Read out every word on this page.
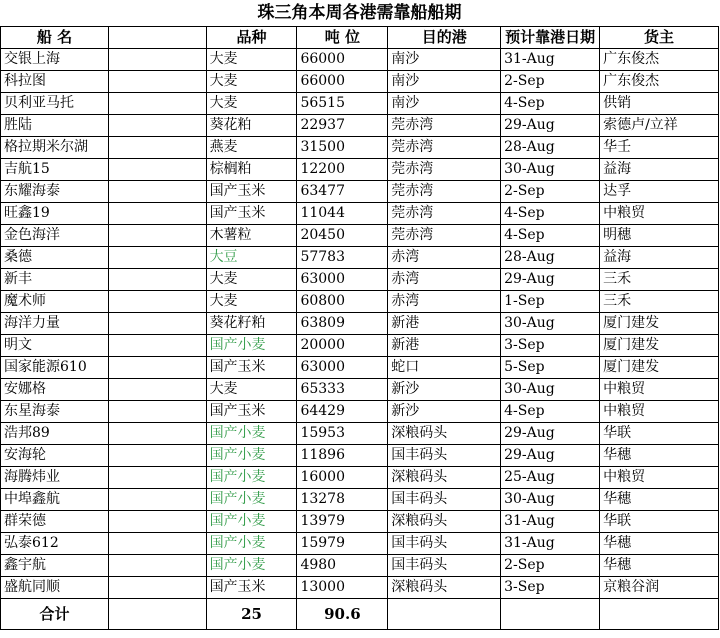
珠三角本周各港需靠船船期
船 名		品种	吨 位	目的港	预计靠港日期	货主
交银上海		大麦	66000	南沙	31-Aug	广东俊杰
科拉图		大麦	66000	南沙	2-Sep	广东俊杰
贝利亚马托		大麦	56515	南沙	4-Sep	供销
胜陆		葵花粕	22937	莞赤湾	29-Aug	索德卢/立祥
格拉期米尔湖		燕麦	31500	莞赤湾	28-Aug	华壬
吉航15		棕榈粕	12200	莞赤湾	30-Aug	益海
东耀海泰		国产玉米	63477	莞赤湾	2-Sep	达孚
旺鑫19		国产玉米	11044	莞赤湾	4-Sep	中粮贸
金色海洋		木薯粒	20450	莞赤湾	4-Sep	明穗
桑德		大豆	57783	赤湾	28-Aug	益海
新丰		大麦	63000	赤湾	29-Aug	三禾
魔术师		大麦	60800	赤湾	1-Sep	三禾
海洋力量		葵花籽粕	63809	新港	30-Aug	厦门建发
明文		国产小麦	20000	新港	3-Sep	厦门建发
国家能源610		国产玉米	63000	蛇口	5-Sep	厦门建发
安娜格		大麦	65333	新沙	30-Aug	中粮贸
东星海泰		国产玉米	64429	新沙	4-Sep	中粮贸
浩邦89		国产小麦	15953	深粮码头	29-Aug	华联
安海轮		国产小麦	11896	国丰码头	29-Aug	华穗
海腾炜业		国产小麦	16000	深粮码头	25-Aug	中粮贸
中埠鑫航		国产小麦	13278	国丰码头	30-Aug	华穗
群荣德		国产小麦	13979	深粮码头	31-Aug	华联
弘泰612		国产小麦	15979	国丰码头	31-Aug	华穗
鑫宇航		国产小麦	4980	国丰码头	2-Sep	华穗
盛航同顺		国产玉米	13000	深粮码头	3-Sep	京粮谷润
合计		25	90.6			
